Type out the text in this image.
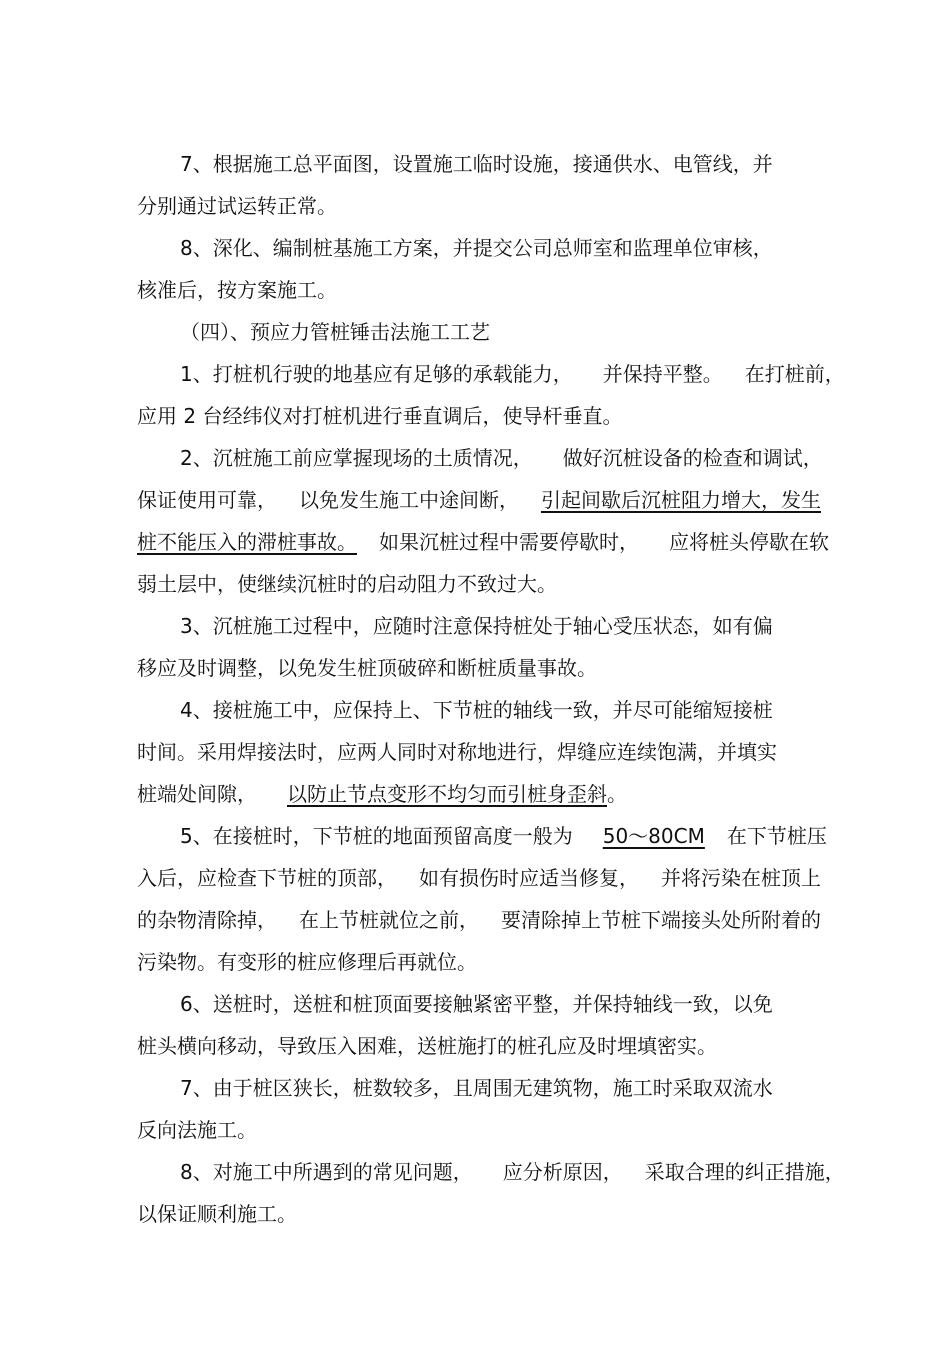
7、根据施工总平面图，设置施工临时设施，接通供水、电管线，并
分别通过试运转正常。
8、深化、编制桩基施工方案，并提交公司总师室和监理单位审核，
核准后，按方案施工。
（四）、预应力管桩锤击法施工工艺
1、打桩机行驶的地基应有足够的承载能力， 并保持平整。 在打桩前，
应用 2 台经纬仪对打桩机进行垂直调后，使导杆垂直。
2、沉桩施工前应掌握现场的土质情况， 做好沉桩设备的检查和调试，
保证使用可靠， 以免发生施工中途间断， 引起间歇后沉桩阻力增大，发生
桩不能压入的滞桩事故。 如果沉桩过程中需要停歇时， 应将桩头停歇在软
弱土层中，使继续沉桩时的启动阻力不致过大。
3、沉桩施工过程中，应随时注意保持桩处于轴心受压状态，如有偏
移应及时调整，以免发生桩顶破碎和断桩质量事故。
4、接桩施工中，应保持上、下节桩的轴线一致，并尽可能缩短接桩
时间。采用焊接法时，应两人同时对称地进行，焊缝应连续饱满，并填实
桩端处间隙， 以防止节点变形不均匀而引桩身歪斜。
5、在接桩时，下节桩的地面预留高度一般为 50～80CM 在下节桩压
入后，应检查下节桩的顶部， 如有损伤时应适当修复， 并将污染在桩顶上
的杂物清除掉， 在上节桩就位之前， 要清除掉上节桩下端接头处所附着的
污染物。有变形的桩应修理后再就位。
6、送桩时，送桩和桩顶面要接触紧密平整，并保持轴线一致，以免
桩头横向移动，导致压入困难，送桩施打的桩孔应及时埋填密实。
7、由于桩区狭长，桩数较多，且周围无建筑物，施工时采取双流水
反向法施工。
8、对施工中所遇到的常见问题， 应分析原因， 采取合理的纠正措施，
以保证顺利施工。
